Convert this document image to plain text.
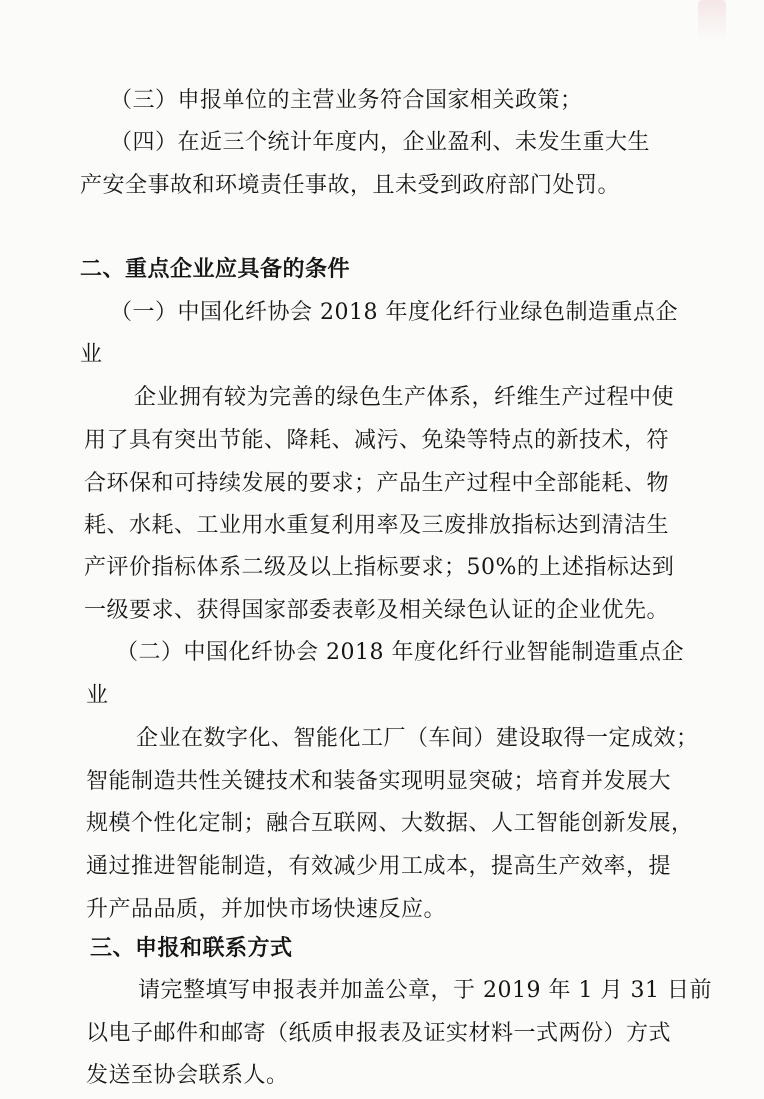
（三）申报单位的主营业务符合国家相关政策；
（四）在近三个统计年度内，企业盈利、未发生重大生
产安全事故和环境责任事故，且未受到政府部门处罚。
二、重点企业应具备的条件
（一）中国化纤协会 2018 年度化纤行业绿色制造重点企
业
企业拥有较为完善的绿色生产体系，纤维生产过程中使
用了具有突出节能、降耗、减污、免染等特点的新技术，符
合环保和可持续发展的要求；产品生产过程中全部能耗、物
耗、水耗、工业用水重复利用率及三废排放指标达到清洁生
产评价指标体系二级及以上指标要求；50%的上述指标达到
一级要求、获得国家部委表彰及相关绿色认证的企业优先。
（二）中国化纤协会 2018 年度化纤行业智能制造重点企
业
企业在数字化、智能化工厂（车间）建设取得一定成效；
智能制造共性关键技术和装备实现明显突破；培育并发展大
规模个性化定制；融合互联网、大数据、人工智能创新发展，
通过推进智能制造，有效减少用工成本，提高生产效率，提
升产品品质，并加快市场快速反应。
三、申报和联系方式
请完整填写申报表并加盖公章，于 2019 年 1 月 31 日前
以电子邮件和邮寄（纸质申报表及证实材料一式两份）方式
发送至协会联系人。
